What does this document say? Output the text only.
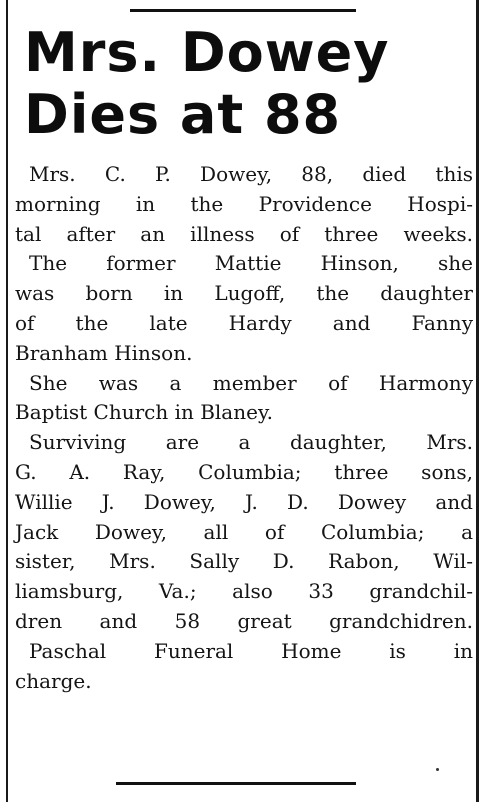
Mrs. Dowey
Dies at 88
Mrs. C. P. Dowey, 88, died this
morning in the Providence Hospi-
tal after an illness of three weeks.
The former Mattie Hinson, she
was born in Lugoff, the daughter
of the late Hardy and Fanny
Branham Hinson.
She was a member of Harmony
Baptist Church in Blaney.
Surviving are a daughter, Mrs.
G. A. Ray, Columbia; three sons,
Willie J. Dowey, J. D. Dowey and
Jack Dowey, all of Columbia; a
sister, Mrs. Sally D. Rabon, Wil-
liamsburg, Va.; also 33 grandchil-
dren and 58 great grandchidren.
Paschal Funeral Home is in
charge.
